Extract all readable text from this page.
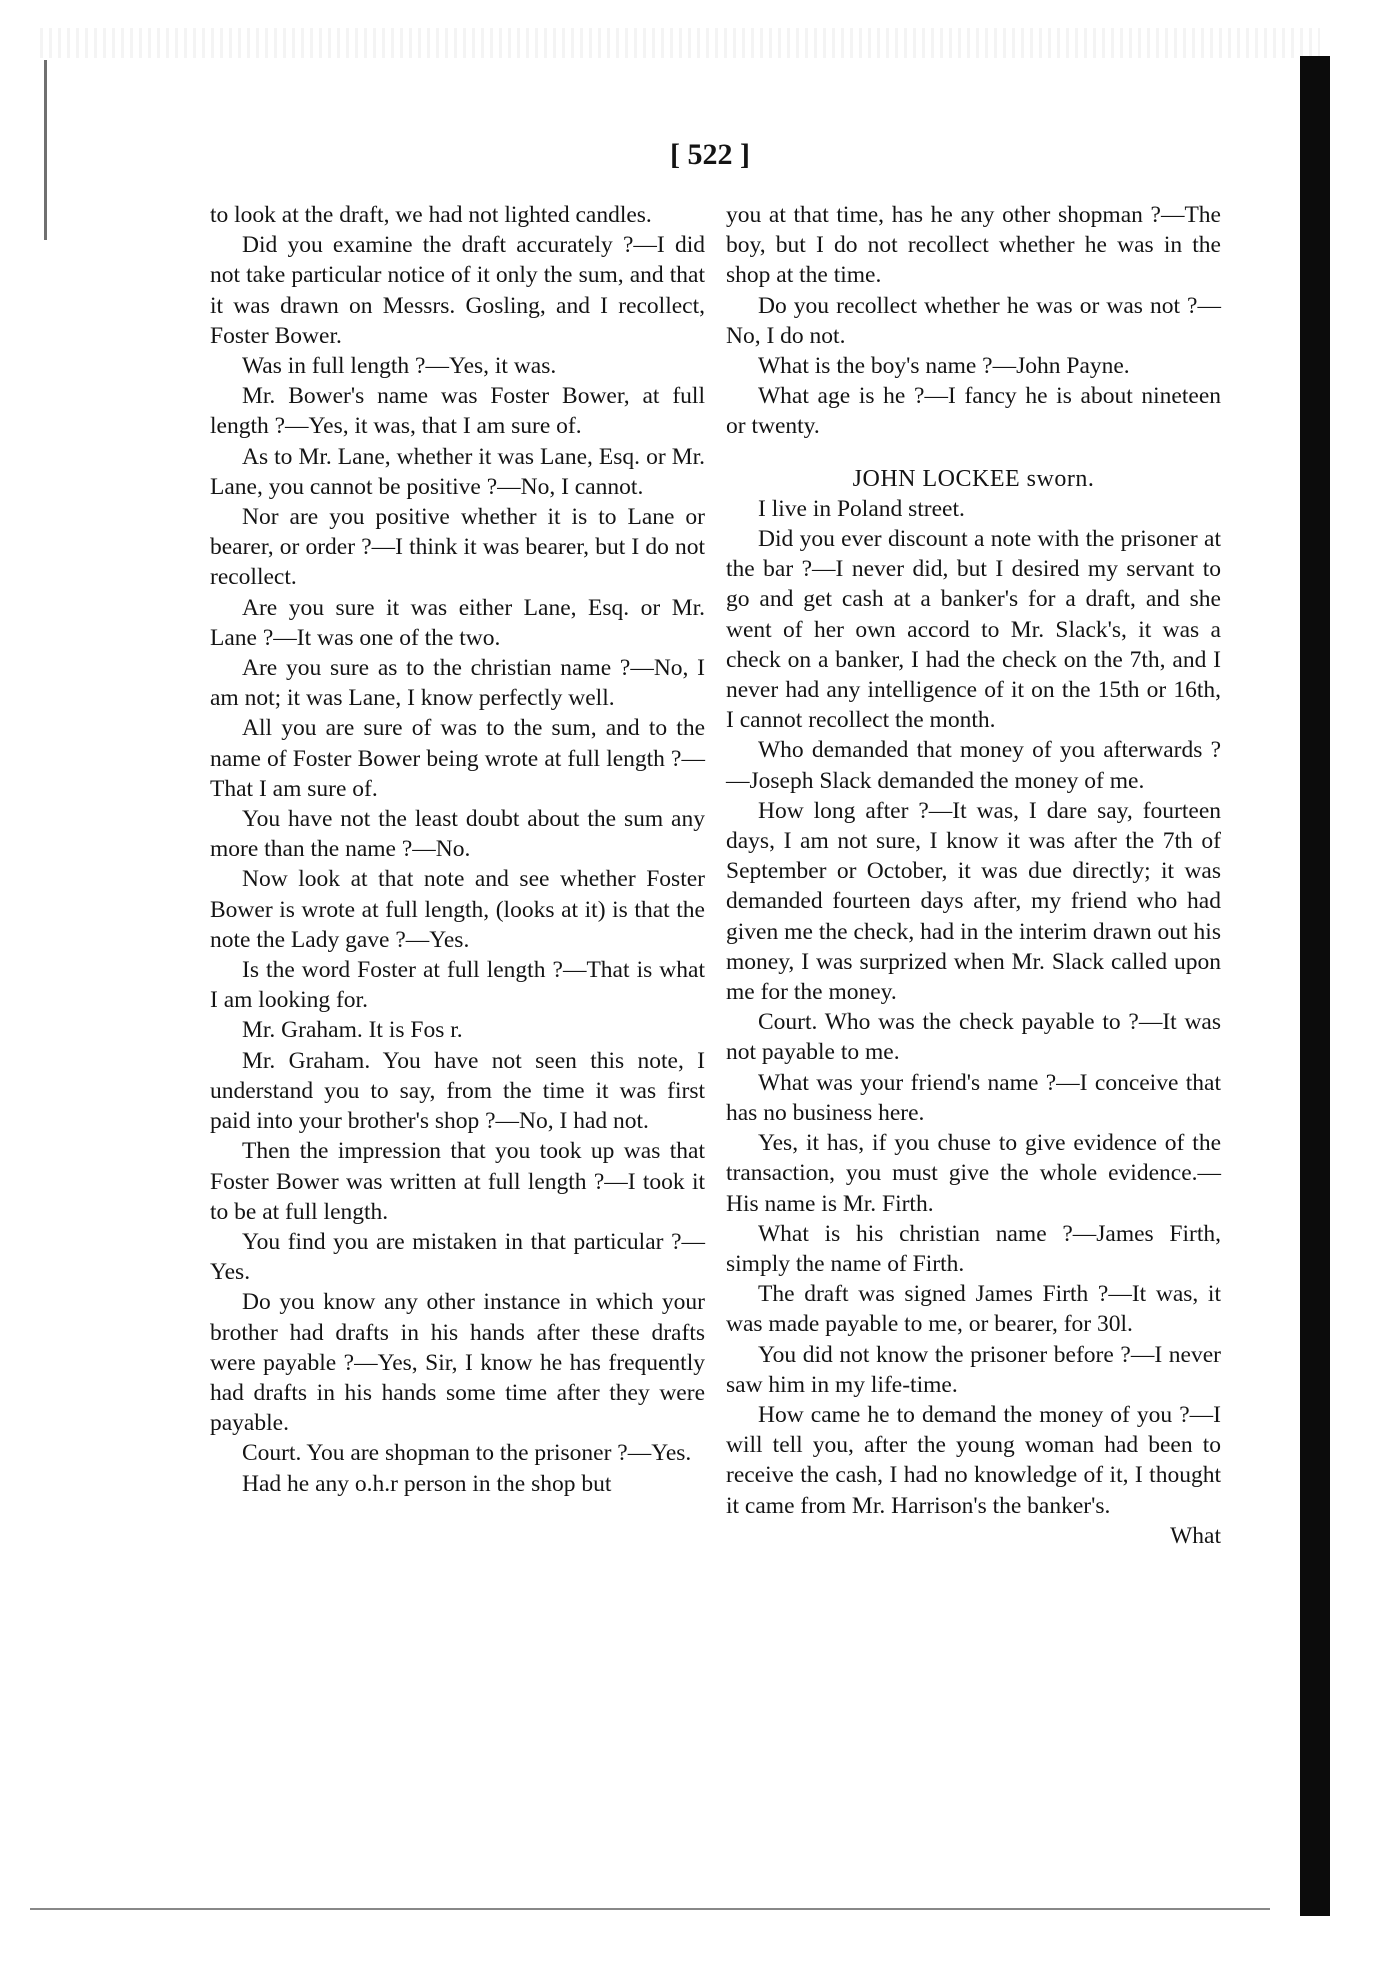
[ 522 ]

to look at the draft, we had not lighted candles.

Did you examine the draft accurately ?—I did not take particular notice of it only the sum, and that it was drawn on Messrs. Gosling, and I recollect, Foster Bower.

Was in full length ?—Yes, it was.

Mr. Bower's name was Foster Bower, at full length ?—Yes, it was, that I am sure of.

As to Mr. Lane, whether it was Lane, Esq. or Mr. Lane, you cannot be positive ?—No, I cannot.

Nor are you positive whether it is to Lane or bearer, or order ?—I think it was bearer, but I do not recollect.

Are you sure it was either Lane, Esq. or Mr. Lane ?—It was one of the two.

Are you sure as to the christian name ?—No, I am not; it was Lane, I know perfectly well.

All you are sure of was to the sum, and to the name of Foster Bower being wrote at full length ?—That I am sure of.

You have not the least doubt about the sum any more than the name ?—No.

Now look at that note and see whether Foster Bower is wrote at full length, (looks at it) is that the note the Lady gave ?—Yes.

Is the word Foster at full length ?—That is what I am looking for.

Mr. Graham. It is Fos r.

Mr. Graham. You have not seen this note, I understand you to say, from the time it was first paid into your brother's shop ?—No, I had not.

Then the impression that you took up was that Foster Bower was written at full length ?—I took it to be at full length.

You find you are mistaken in that particular ?—Yes.

Do you know any other instance in which your brother had drafts in his hands after these drafts were payable ?—Yes, Sir, I know he has frequently had drafts in his hands some time after they were payable.

Court. You are shopman to the prisoner ?—Yes.

Had he any o.h.r person in the shop but

you at that time, has he any other shopman ?—The boy, but I do not recollect whether he was in the shop at the time.

Do you recollect whether he was or was not ?—No, I do not.

What is the boy's name ?—John Payne.

What age is he ?—I fancy he is about nineteen or twenty.

JOHN LOCKEE sworn.

I live in Poland street.

Did you ever discount a note with the prisoner at the bar ?—I never did, but I desired my servant to go and get cash at a banker's for a draft, and she went of her own accord to Mr. Slack's, it was a check on a banker, I had the check on the 7th, and I never had any intelligence of it on the 15th or 16th, I cannot recollect the month.

Who demanded that money of you afterwards ?—Joseph Slack demanded the money of me.

How long after ?—It was, I dare say, fourteen days, I am not sure, I know it was after the 7th of September or October, it was due directly; it was demanded fourteen days after, my friend who had given me the check, had in the interim drawn out his money, I was surprized when Mr. Slack called upon me for the money.

Court. Who was the check payable to ?—It was not payable to me.

What was your friend's name ?—I conceive that has no business here.

Yes, it has, if you chuse to give evidence of the transaction, you must give the whole evidence.—His name is Mr. Firth.

What is his christian name ?—James Firth, simply the name of Firth.

The draft was signed James Firth ?—It was, it was made payable to me, or bearer, for 30l.

You did not know the prisoner before ?—I never saw him in my life-time.

How came he to demand the money of you ?—I will tell you, after the young woman had been to receive the cash, I had no knowledge of it, I thought it came from Mr. Harrison's the banker's.

What
